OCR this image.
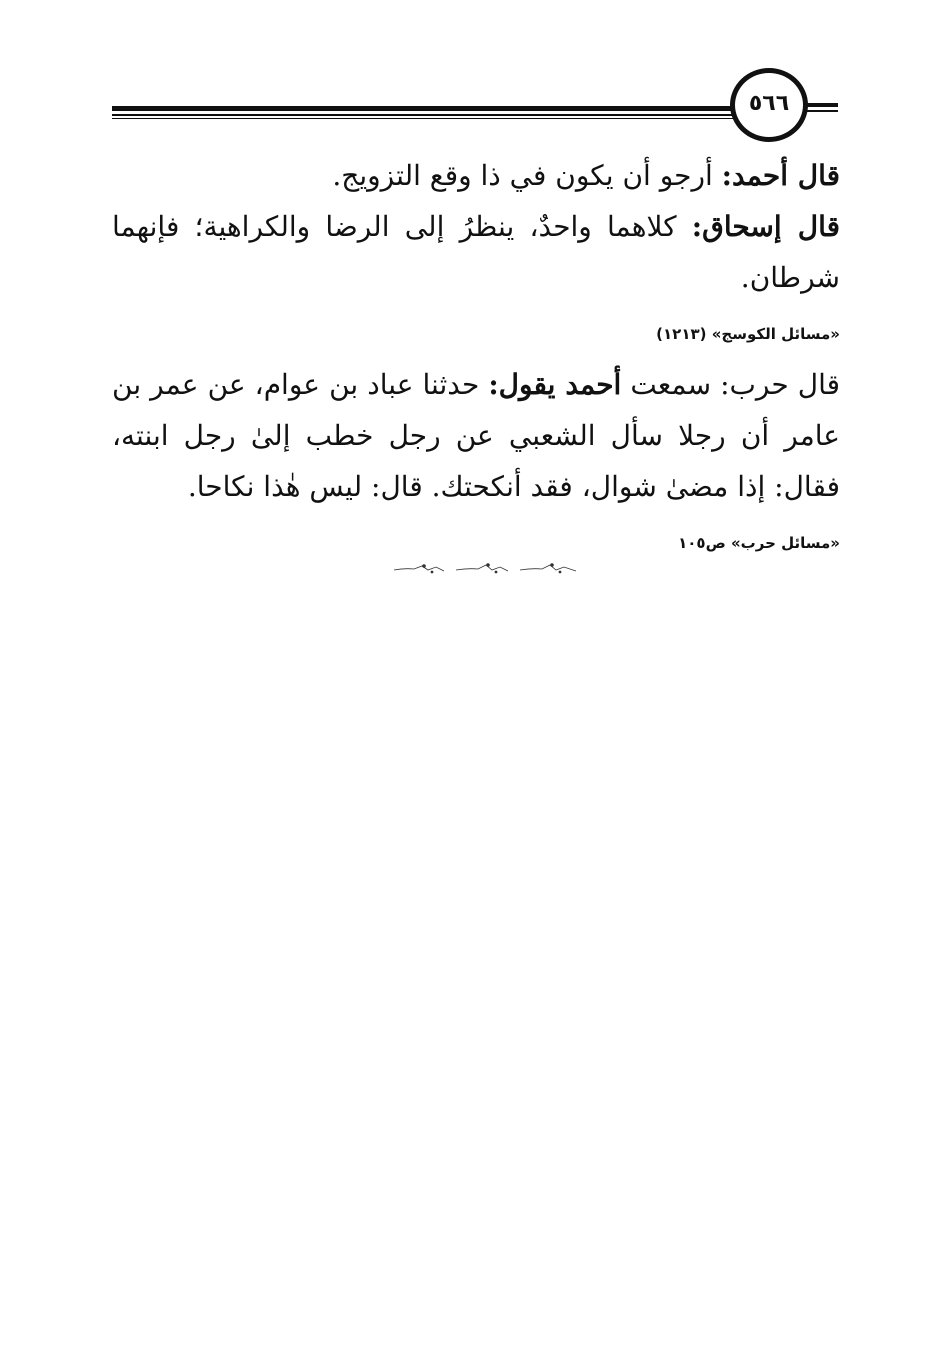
٥٦٦

قال أحمد: أرجو أن يكون في ذا وقع التزويج.

قال إسحاق: كلاهما واحدٌ، ينظرُ إلى الرضا والكراهية؛ فإنهما شرطان.

«مسائل الكوسج» (١٢١٣)

قال حرب: سمعت أحمد يقول: حدثنا عباد بن عوام، عن عمر بن عامر أن رجلا سأل الشعبي عن رجل خطب إلىٰ رجل ابنته، فقال: إذا مضىٰ شوال، فقد أنكحتك. قال: ليس هٰذا نكاحا.

«مسائل حرب» ص١٠٥
